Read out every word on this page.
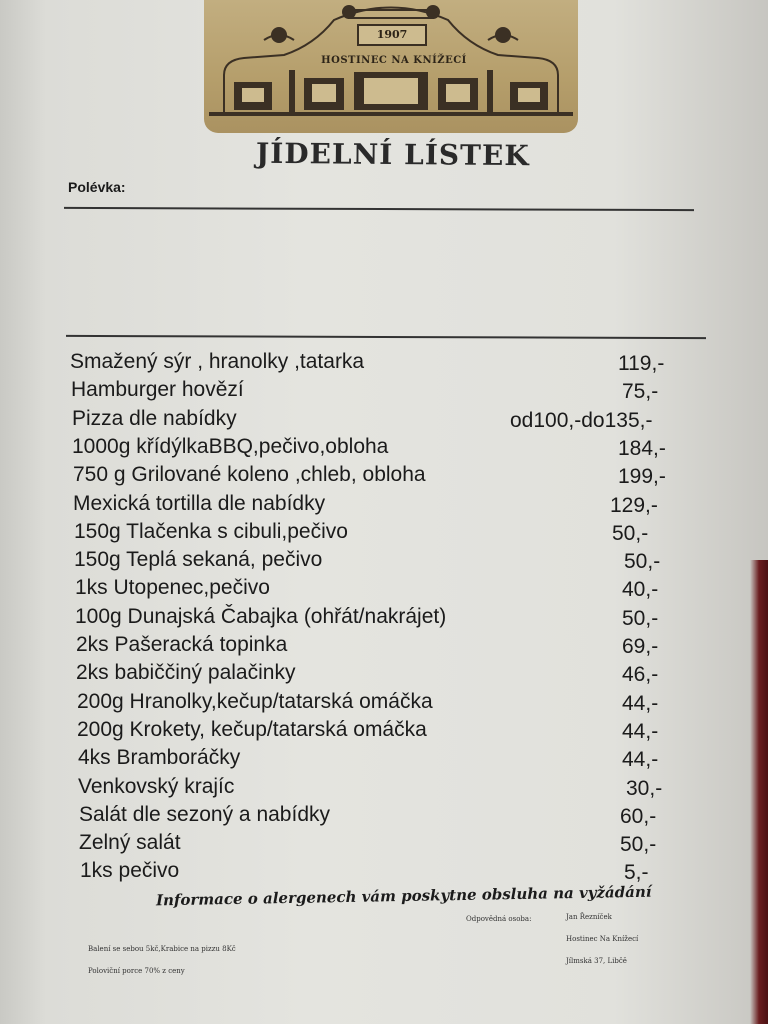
1907
HOSTINEC NA KNÍŽECÍ
JÍDELNÍ LÍSTEK
Polévka:
Smažený sýr , hranolky ,tatarka	119,-
Hamburger hovězí	75,-
Pizza dle nabídky	od100,-do135,-
1000g křídýlkaBBQ,pečivo,obloha	184,-
750 g Grilované koleno ,chleb, obloha	199,-
Mexická tortilla dle nabídky	129,-
150g Tlačenka s cibuli,pečivo	50,-
150g Teplá sekaná, pečivo	50,-
1ks Utopenec,pečivo	40,-
100g Dunajská Čabajka (ohřát/nakrájet)	50,-
2ks Pašeracká topinka	69,-
2ks babiččiný palačinky	46,-
200g Hranolky,kečup/tatarská omáčka	44,-
200g Krokety, kečup/tatarská omáčka	44,-
4ks Bramboráčky	44,-
Venkovský krajíc	30,-
Salát dle sezoný a nabídky	60,-
Zelný salát	50,-
1ks pečivo	5,-
Informace o alergenech vám poskytne obsluha na vyžádání
Odpovědná osoba:	Jan Řezníček
Hostinec Na Knížecí
Jílmská 37, Libčě
Balení se sebou 5kč,Krabice na pizzu 8Kč
Poloviční porce 70% z ceny
